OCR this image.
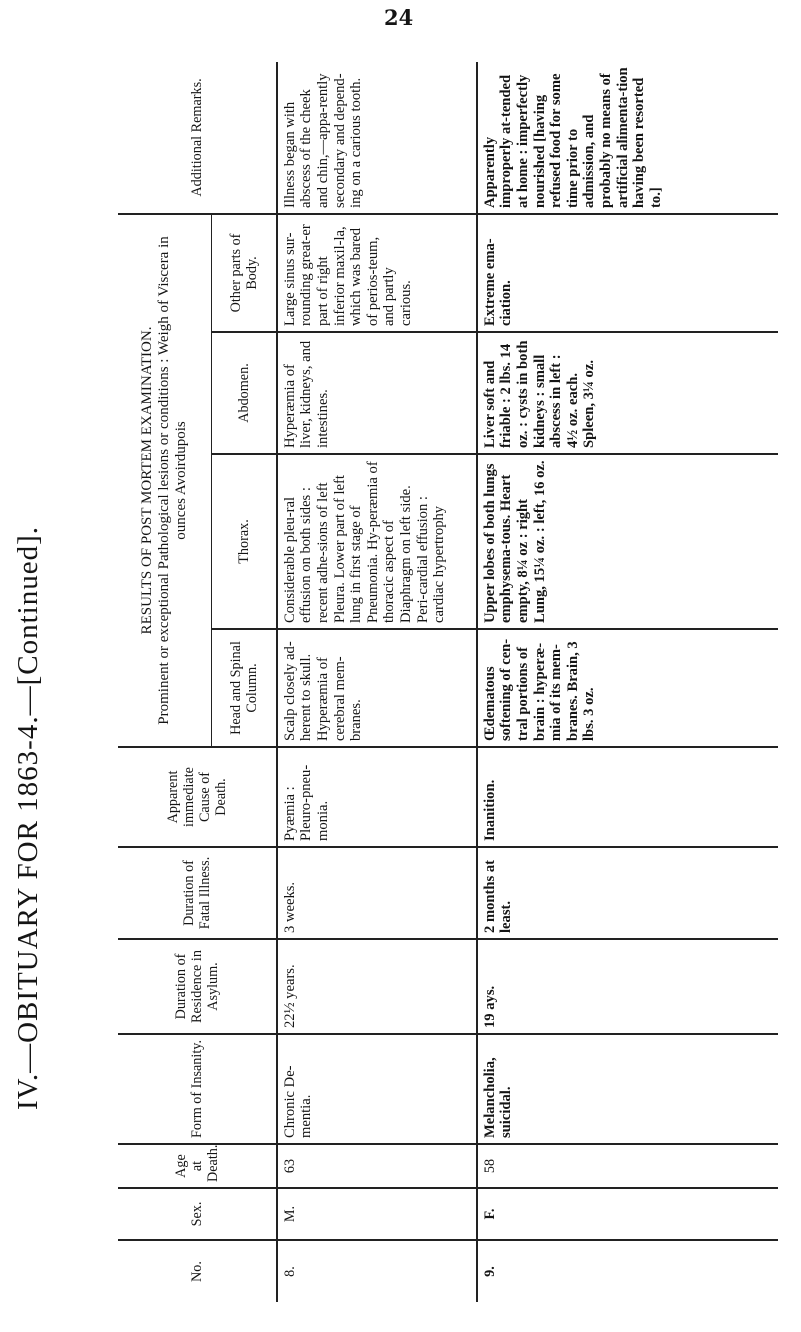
24
IV.—OBITUARY FOR 1863-4.—[Continued].
No.	Sex.	Age at Death.	Form of Insanity.	Duration of Residence in Asylum.	Duration of Fatal Illness.	Apparent immediate Cause of Death.	RESULTS OF POST MORTEM EXAMINATION. Prominent or exceptional Pathological lesions or conditions : Weigh of Viscera in ounces Avoirdupois				Additional Remarks.
							Head and Spinal Column.	Thorax.	Abdomen.	Other parts of Body.	
8.	M.	63	Chronic De-mentia.	22½ years.	3 weeks.	Pyæmia : Pleuro-pneu-monia.	Scalp closely ad-herent to skull. Hyperæmia of cerebral mem-branes.	Considerable pleu-ral effusion on both sides : recent adhe-sions of left Pleura. Lower part of left lung in first stage of Pneumonia. Hy-peræmia of thoracic aspect of Diaphragm on left side. Peri-cardial effusion : cardiac hypertrophy	Hyperæmia of liver, kidneys, and intestines.	Large sinus sur-rounding great-er part of right inferior maxil-la, which was bared of perios-teum, and partly carious.	Illness began with abscess of the cheek and chin,—appa-rently secondary and depend-ing on a carious tooth.
9.	F.	58	Melancholia, suicidal.	19 ays.	2 months at least.	Inanition.	Œdematous softening of cen-tral portions of brain : hyperæ-mia of its mem-branes. Brain, 3 lbs. 3 oz.	Upper lobes of both lungs emphysema-tous. Heart empty, 8¼ oz : right Lung, 15¼ oz. : left, 16 oz.	Liver soft and friable : 2 lbs. 14 oz. : cysts in both kidneys : small abscess in left : 4½ oz. each. Spleen, 3¼ oz.	Extreme ema-ciation.	Apparently improperly at-tended at home : imperfectly nourished [having refused food for some time prior to admission, and probably no means of artificial alimenta-tion having been resorted to.]
